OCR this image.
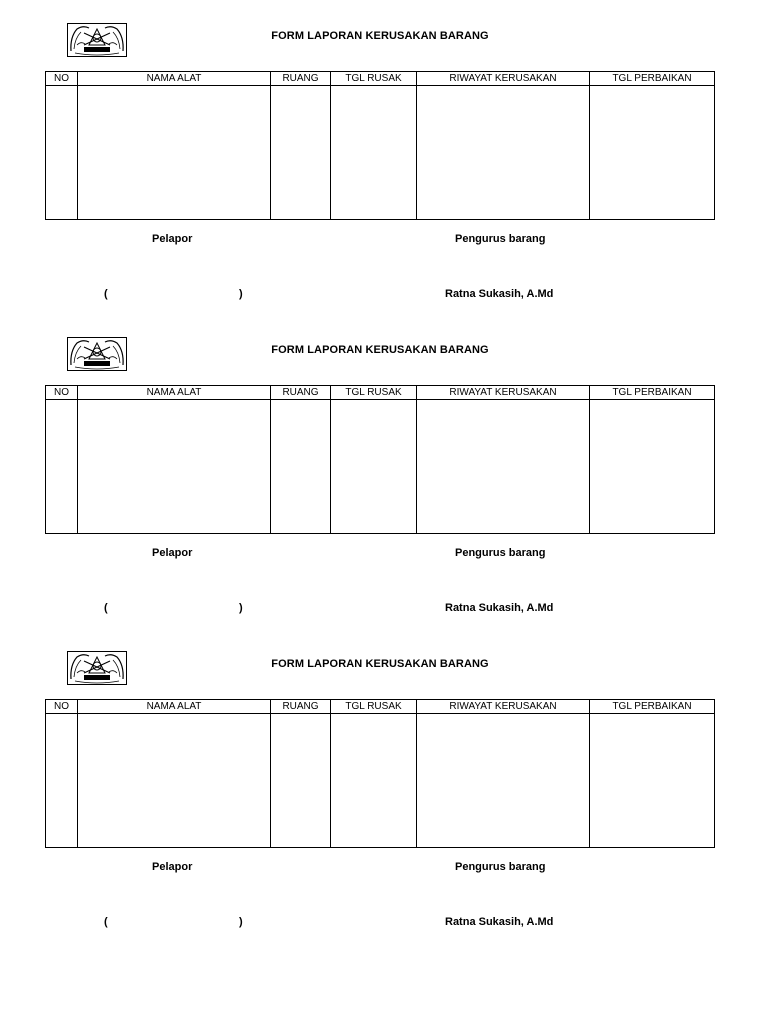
FORM LAPORAN KERUSAKAN BARANG
NO	NAMA ALAT	RUANG	TGL RUSAK	RIWAYAT KERUSAKAN	TGL PERBAIKAN

Pelapor	Pengurus barang
(	)	Ratna Sukasih, A.Md
FORM LAPORAN KERUSAKAN BARANG
NO	NAMA ALAT	RUANG	TGL RUSAK	RIWAYAT KERUSAKAN	TGL PERBAIKAN

Pelapor	Pengurus barang
(	)	Ratna Sukasih, A.Md
FORM LAPORAN KERUSAKAN BARANG
NO	NAMA ALAT	RUANG	TGL RUSAK	RIWAYAT KERUSAKAN	TGL PERBAIKAN

Pelapor	Pengurus barang
(	)	Ratna Sukasih, A.Md
